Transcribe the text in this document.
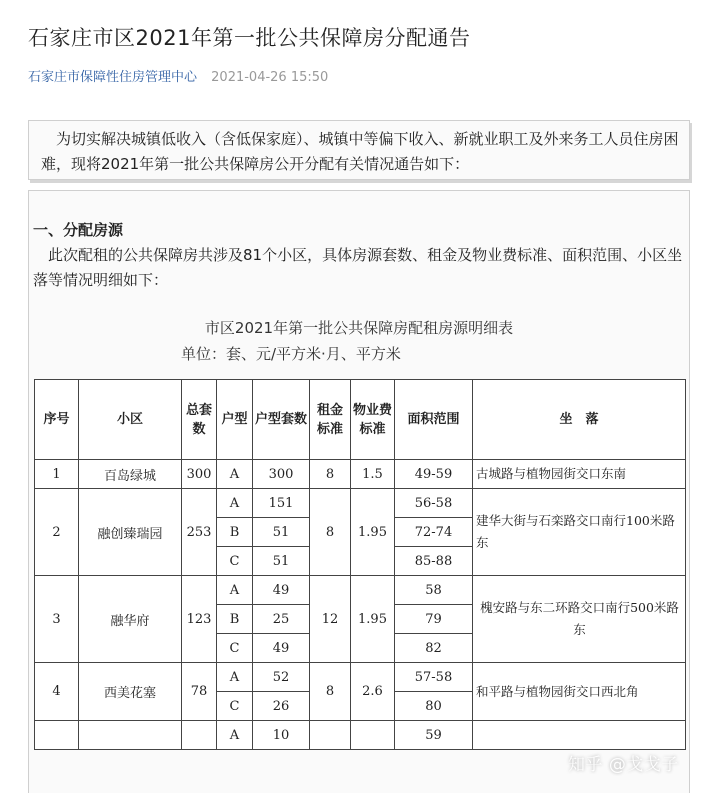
石家庄市区2021年第一批公共保障房分配通告
石家庄市保障性住房管理中心 2021-04-26 15:50
为切实解决城镇低收入（含低保家庭）、城镇中等偏下收入、新就业职工及外来务工人员住房困难，现将2021年第一批公共保障房公开分配有关情况通告如下：
一、分配房源
此次配租的公共保障房共涉及81个小区，具体房源套数、租金及物业费标准、面积范围、小区坐落等情况明细如下：
市区2021年第一批公共保障房配租房源明细表
单位：套、元/平方米·月、平方米
序号	小区	总套数	户型	户型套数	租金标准	物业费标准	面积范围	坐　落
1	百岛绿城	300	A	300	8	1.5	49-59	古城路与植物园街交口东南
2	融创臻瑞园	253	A	151	8	1.95	56-58	建华大街与石栾路交口南行100米路东
			B	51			72-74	
			C	51			85-88	
3	融华府	123	A	49	12	1.95	58	槐安路与东二环路交口南行500米路东
			B	25			79	
			C	49			82	
4	西美花塞	78	A	52	8	2.6	57-58	和平路与植物园街交口西北角
			C	26			80	
			A	10			59	
知乎 @戈戈子
